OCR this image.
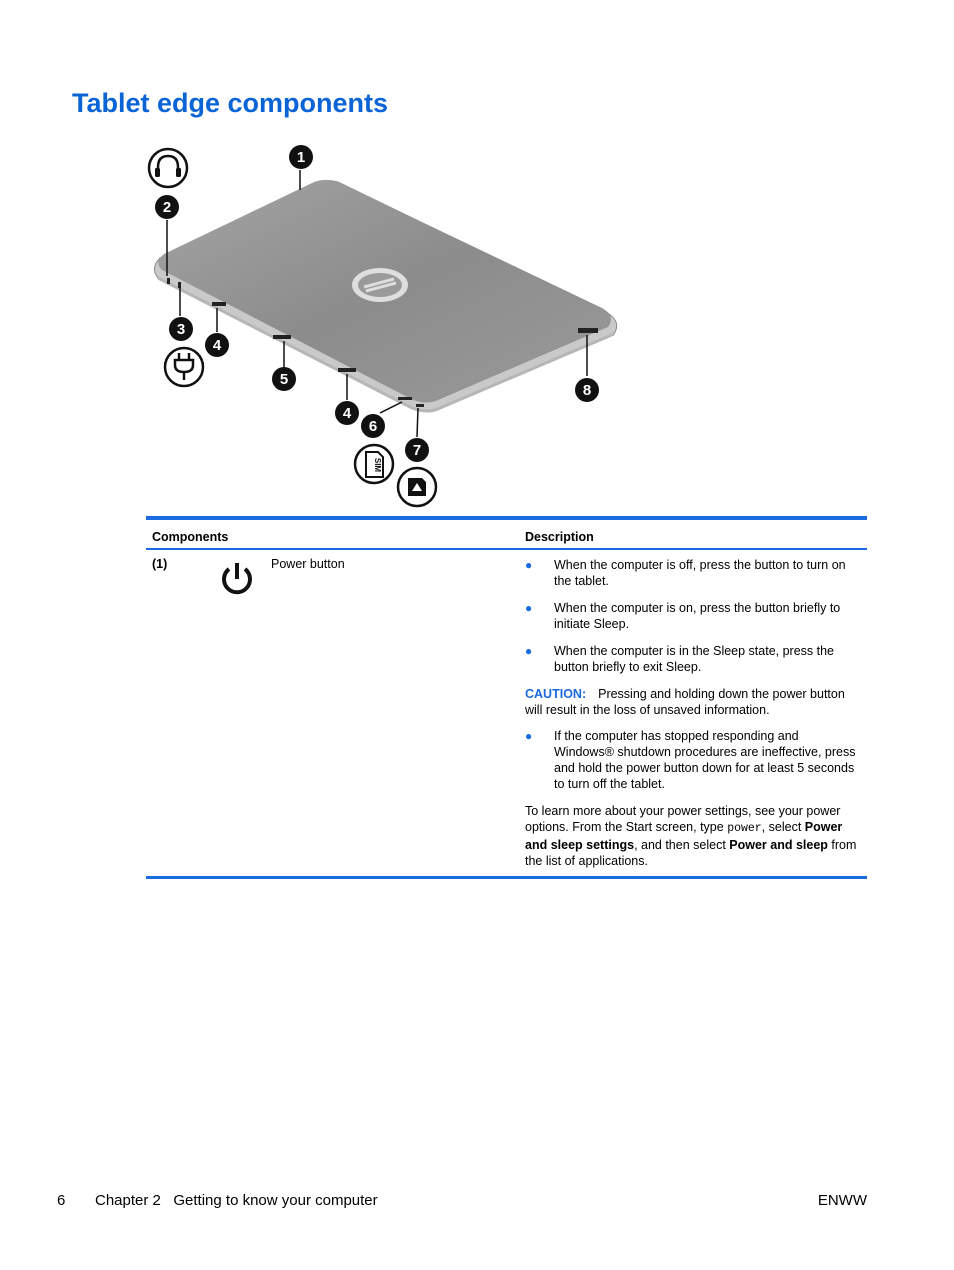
Tablet edge components
1
2
3
4
5
4
6
7
8
SIM
Components	Description
(1)	Power button	● When the computer is off, press the button to turn on the tablet.
● When the computer is on, press the button briefly to initiate Sleep.
● When the computer is in the Sleep state, press the button briefly to exit Sleep.

CAUTION: Pressing and holding down the power button will result in the loss of unsaved information.

● If the computer has stopped responding and Windows® shutdown procedures are ineffective, press and hold the power button down for at least 5 seconds to turn off the tablet.

To learn more about your power settings, see your power options. From the Start screen, type power, select Power and sleep settings, and then select Power and sleep from the list of applications.

6 Chapter 2   Getting to know your computer	ENWW
